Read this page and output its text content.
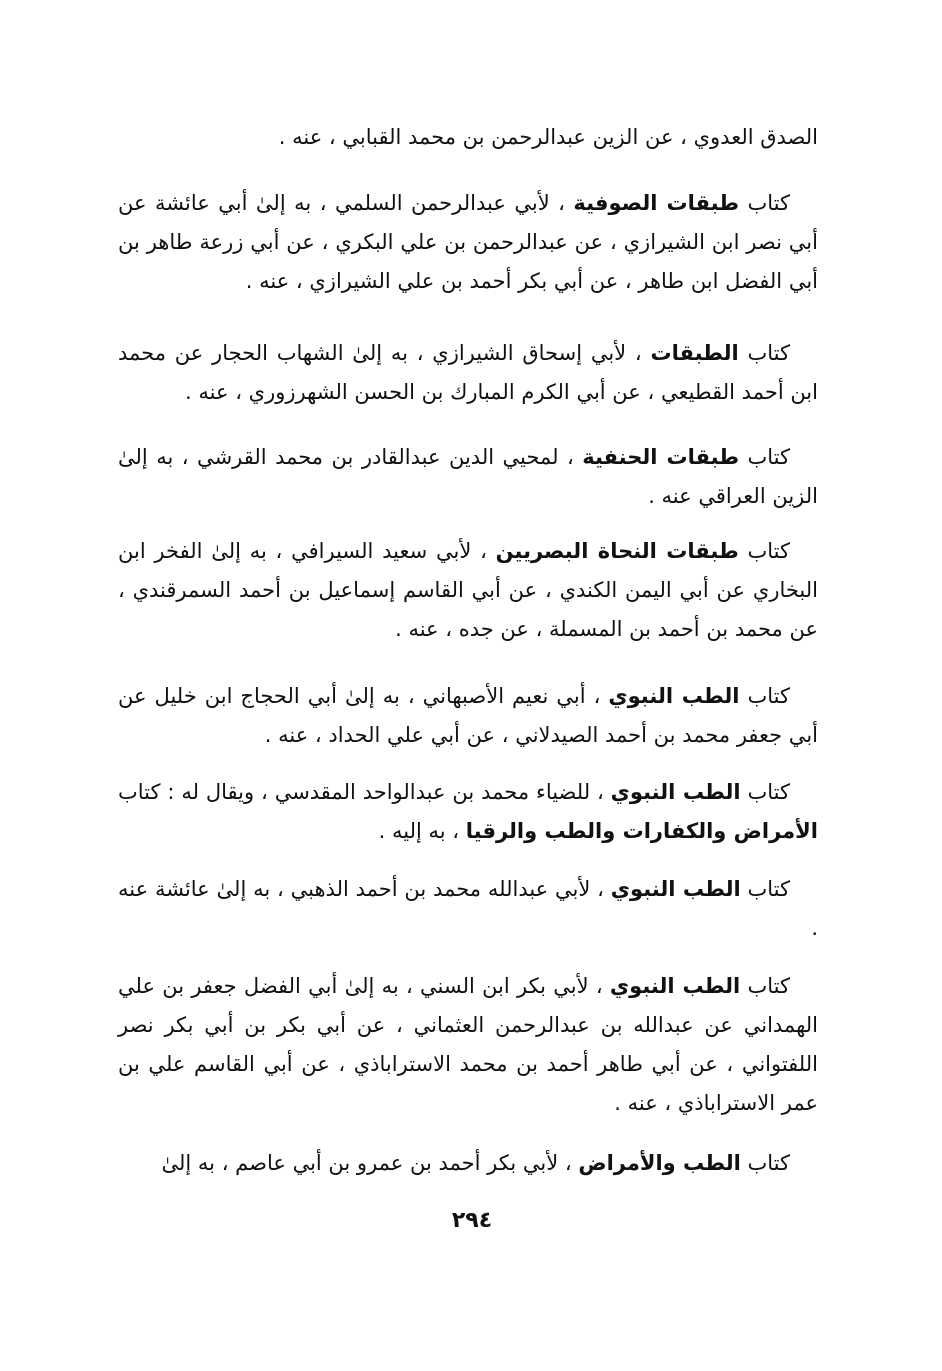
الصدق العدوي ، عن الزين عبدالرحمن بن محمد القبابي ، عنه .
كتاب طبقات الصوفية ، لأبي عبدالرحمن السلمي ، به إلىٰ أبي عائشة عن أبي نصر ابن الشيرازي ، عن عبدالرحمن بن علي البكري ، عن أبي زرعة طاهر بن أبي الفضل ابن طاهر ، عن أبي بكر أحمد بن علي الشيرازي ، عنه .
كتاب الطبقات ، لأبي إسحاق الشيرازي ، به إلىٰ الشهاب الحجار عن محمد ابن أحمد القطيعي ، عن أبي الكرم المبارك بن الحسن الشهرزوري ، عنه .
كتاب طبقات الحنفية ، لمحيي الدين عبدالقادر بن محمد القرشي ، به إلىٰ الزين العراقي عنه .
كتاب طبقات النحاة البصريين ، لأبي سعيد السيرافي ، به إلىٰ الفخر ابن البخاري عن أبي اليمن الكندي ، عن أبي القاسم إسماعيل بن أحمد السمرقندي ، عن محمد بن أحمد بن المسملة ، عن جده ، عنه .
كتاب الطب النبوي ، أبي نعيم الأصبهاني ، به إلىٰ أبي الحجاج ابن خليل عن أبي جعفر محمد بن أحمد الصيدلاني ، عن أبي علي الحداد ، عنه .
كتاب الطب النبوي ، للضياء محمد بن عبدالواحد المقدسي ، ويقال له : كتاب الأمراض والكفارات والطب والرقيا ، به إليه .
كتاب الطب النبوي ، لأبي عبدالله محمد بن أحمد الذهبي ، به إلىٰ عائشة عنه .
كتاب الطب النبوي ، لأبي بكر ابن السني ، به إلىٰ أبي الفضل جعفر بن علي الهمداني عن عبدالله بن عبدالرحمن العثماني ، عن أبي بكر بن أبي بكر نصر اللفتواني ، عن أبي طاهر أحمد بن محمد الاستراباذي ، عن أبي القاسم علي بن عمر الاستراباذي ، عنه .
كتاب الطب والأمراض ، لأبي بكر أحمد بن عمرو بن أبي عاصم ، به إلىٰ
٢٩٤
